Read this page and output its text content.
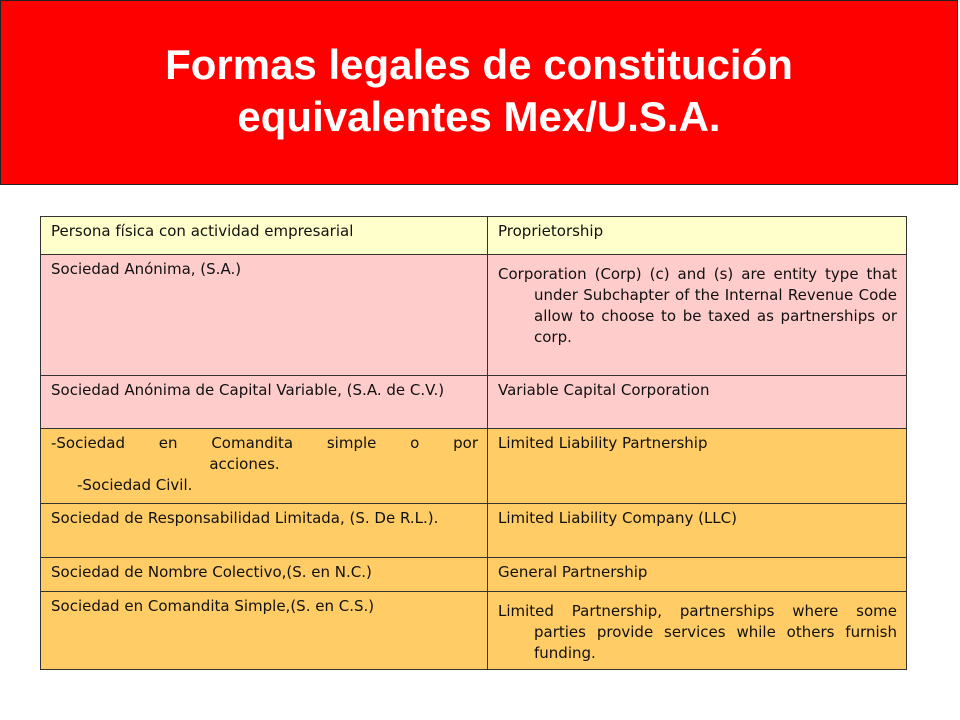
Formas legales de constitución
equivalentes Mex/U.S.A.
Persona física con actividad empresarial	Proprietorship

Sociedad Anónima, (S.A.)	Corporation (Corp) (c) and (s) are entity type that under Subchapter of the Internal Revenue Code allow to choose to be taxed as partnerships or corp.

Sociedad Anónima de Capital Variable, (S.A. de C.V.)	Variable Capital Corporation

-Sociedad en Comandita simple o por
acciones.
-Sociedad Civil.	Limited Liability Partnership

Sociedad de Responsabilidad Limitada, (S. De R.L.).	Limited Liability Company (LLC)

Sociedad de Nombre Colectivo,(S. en N.C.)	General Partnership

Sociedad en Comandita Simple,(S. en C.S.)	Limited Partnership, partnerships where some parties provide services while others furnish funding.
